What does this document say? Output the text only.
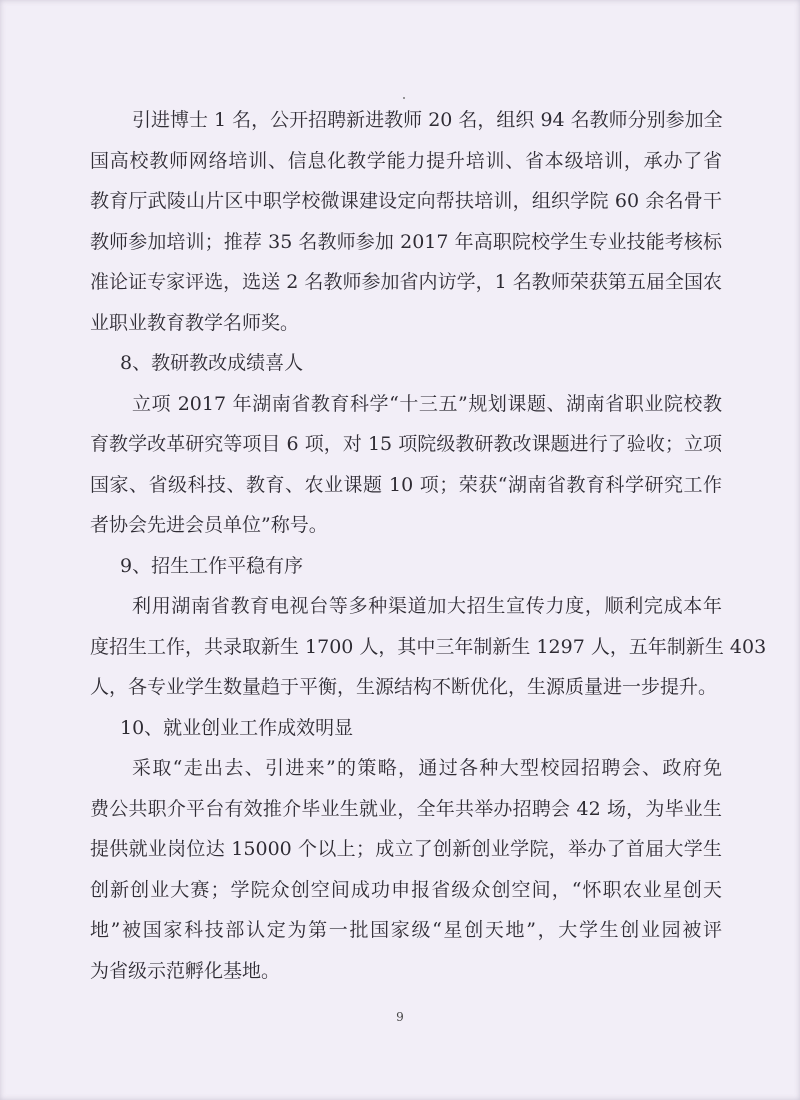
引进博士 1 名，公开招聘新进教师 20 名，组织 94 名教师分别参加全
国高校教师网络培训、信息化教学能力提升培训、省本级培训，承办了省
教育厅武陵山片区中职学校微课建设定向帮扶培训，组织学院 60 余名骨干
教师参加培训；推荐 35 名教师参加 2017 年高职院校学生专业技能考核标
准论证专家评选，选送 2 名教师参加省内访学，1 名教师荣获第五届全国农
业职业教育教学名师奖。
8、教研教改成绩喜人
立项 2017 年湖南省教育科学“十三五”规划课题、湖南省职业院校教
育教学改革研究等项目 6 项，对 15 项院级教研教改课题进行了验收；立项
国家、省级科技、教育、农业课题 10 项；荣获“湖南省教育科学研究工作
者协会先进会员单位”称号。
9、招生工作平稳有序
利用湖南省教育电视台等多种渠道加大招生宣传力度，顺利完成本年
度招生工作，共录取新生 1700 人，其中三年制新生 1297 人，五年制新生 403
人，各专业学生数量趋于平衡，生源结构不断优化，生源质量进一步提升。
10、就业创业工作成效明显
采取“走出去、引进来”的策略，通过各种大型校园招聘会、政府免
费公共职介平台有效推介毕业生就业，全年共举办招聘会 42 场，为毕业生
提供就业岗位达 15000 个以上；成立了创新创业学院，举办了首届大学生
创新创业大赛；学院众创空间成功申报省级众创空间，“怀职农业星创天
地”被国家科技部认定为第一批国家级“星创天地”，大学生创业园被评
为省级示范孵化基地。
9
